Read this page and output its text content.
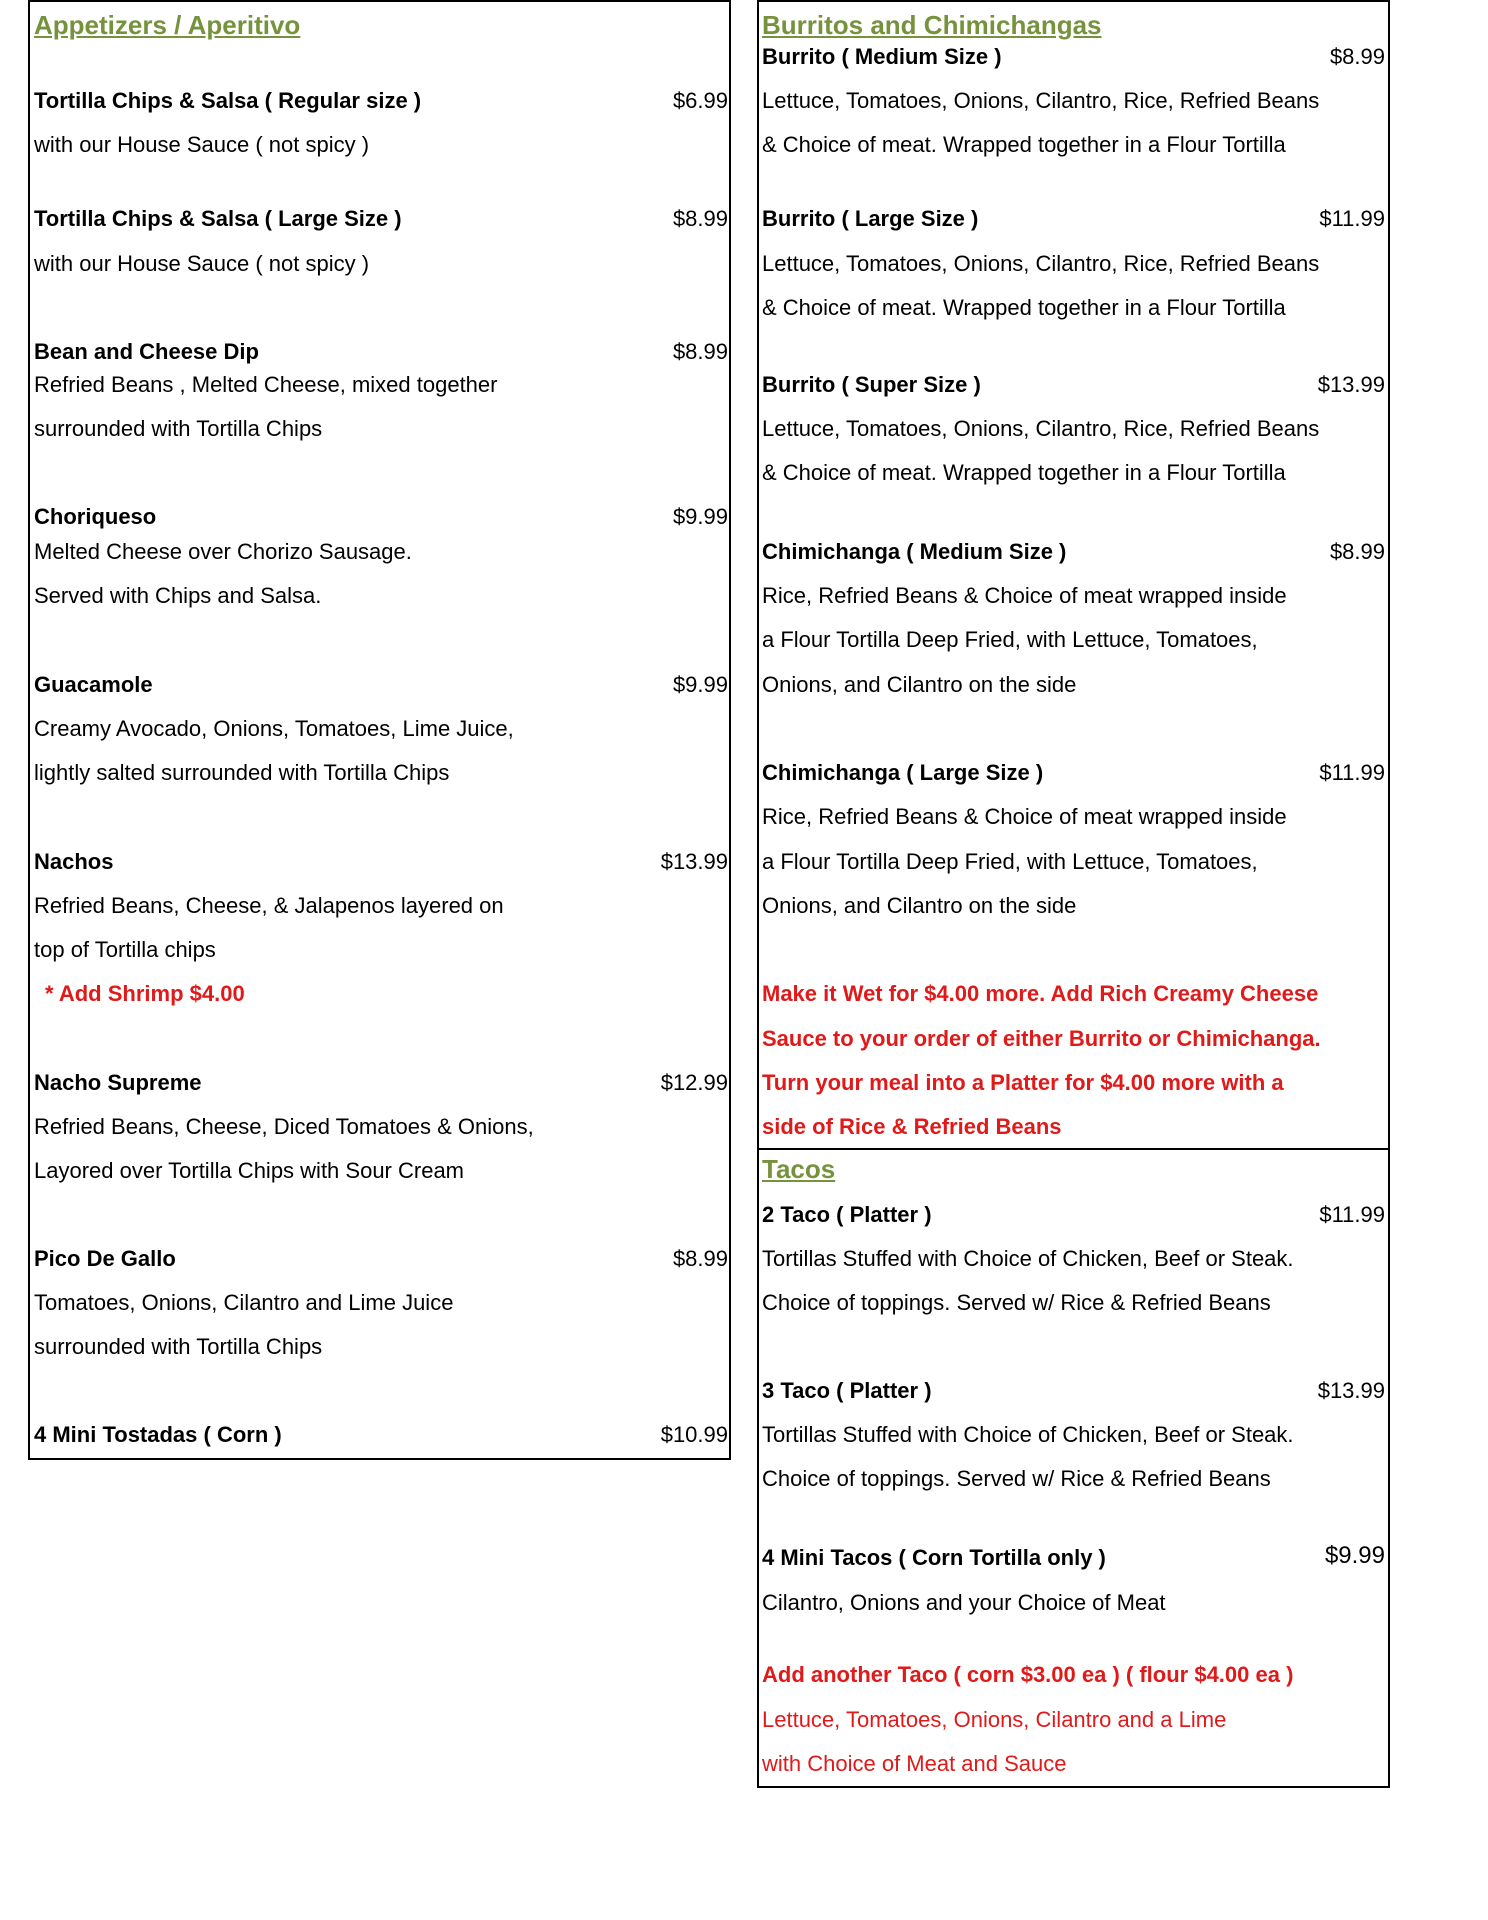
Appetizers / Aperitivo
Tortilla Chips & Salsa ( Regular size )	$6.99
with our House Sauce ( not spicy )
Tortilla Chips & Salsa ( Large Size )	$8.99
with our House Sauce ( not spicy )
Bean and Cheese Dip	$8.99
Refried Beans , Melted Cheese, mixed together
surrounded with Tortilla Chips
Choriqueso	$9.99
Melted Cheese over Chorizo Sausage.
Served with Chips and Salsa.
Guacamole	$9.99
Creamy Avocado, Onions, Tomatoes, Lime Juice,
lightly salted surrounded with Tortilla Chips
Nachos	$13.99
Refried Beans, Cheese, & Jalapenos layered on
top of Tortilla chips
* Add Shrimp $4.00
Nacho Supreme	$12.99
Refried Beans, Cheese, Diced Tomatoes & Onions,
Layored over Tortilla Chips with Sour Cream
Pico De Gallo	$8.99
Tomatoes, Onions, Cilantro and Lime Juice
surrounded with Tortilla Chips
4 Mini Tostadas ( Corn )	$10.99
Burritos and Chimichangas
Burrito ( Medium Size )	$8.99
Lettuce, Tomatoes, Onions, Cilantro, Rice, Refried Beans
& Choice of meat. Wrapped together in a Flour Tortilla
Burrito ( Large Size )	$11.99
Lettuce, Tomatoes, Onions, Cilantro, Rice, Refried Beans
& Choice of meat. Wrapped together in a Flour Tortilla
Burrito ( Super Size )	$13.99
Lettuce, Tomatoes, Onions, Cilantro, Rice, Refried Beans
& Choice of meat. Wrapped together in a Flour Tortilla
Chimichanga ( Medium Size )	$8.99
Rice, Refried Beans & Choice of meat wrapped inside
a Flour Tortilla Deep Fried, with Lettuce, Tomatoes,
Onions, and Cilantro on the side
Chimichanga ( Large Size )	$11.99
Rice, Refried Beans & Choice of meat wrapped inside
a Flour Tortilla Deep Fried, with Lettuce, Tomatoes,
Onions, and Cilantro on the side
Make it Wet for $4.00 more. Add Rich Creamy Cheese
Sauce to your order of either Burrito or Chimichanga.
Turn your meal into a Platter for $4.00 more with a
side of Rice & Refried Beans
Tacos
2 Taco ( Platter )	$11.99
Tortillas Stuffed with Choice of Chicken, Beef or Steak.
Choice of toppings. Served w/ Rice & Refried Beans
3 Taco ( Platter )	$13.99
Tortillas Stuffed with Choice of Chicken, Beef or Steak.
Choice of toppings. Served w/ Rice & Refried Beans
4 Mini Tacos ( Corn Tortilla only )	$9.99
Cilantro, Onions and your Choice of Meat
Add another Taco ( corn $3.00 ea ) ( flour $4.00 ea )
Lettuce, Tomatoes, Onions, Cilantro and a Lime
with Choice of Meat and Sauce
